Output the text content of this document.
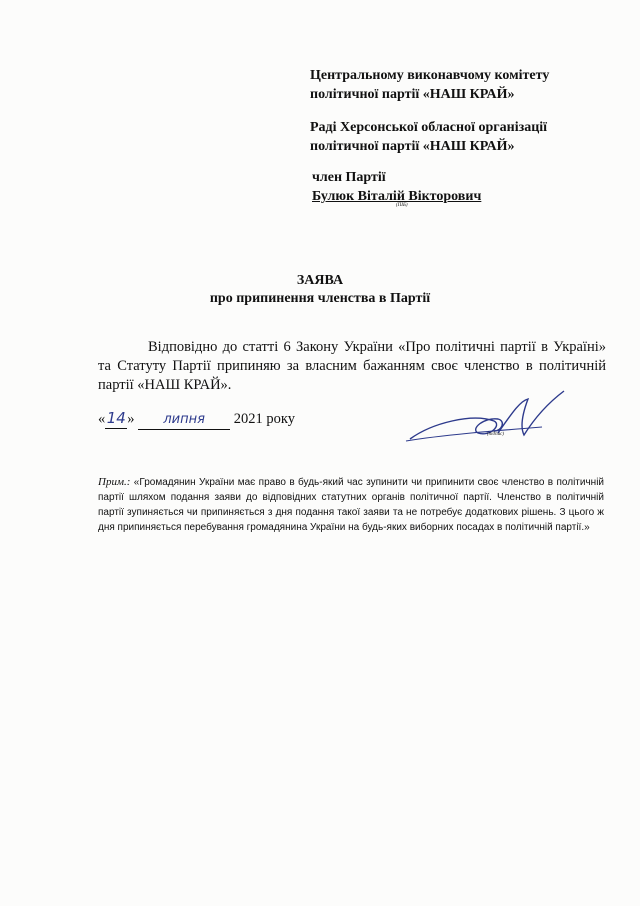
Центральному виконавчому комітету
політичної партії «НАШ КРАЙ»
Раді Херсонської обласної організації
політичної партії «НАШ КРАЙ»
член Партії
Булюк Віталій Вікторович
(ПІБ)
ЗАЯВА
про припинення членства в Партії
Відповідно до статті 6 Закону України «Про політичні партії в Україні» та Статуту Партії припиняю за власним бажанням своє членство в політичній партії «НАШ КРАЙ».
«14» липня 2021 року
(підпис)
Прим.: «Громадянин України має право в будь-який час зупинити чи припинити своє членство в політичній партії шляхом подання заяви до відповідних статутних органів політичної партії. Членство в політичній партії зупиняється чи припиняється з дня подання такої заяви та не потребує додаткових рішень. З цього ж дня припиняється перебування громадянина України на будь-яких виборних посадах в політичній партії.»
